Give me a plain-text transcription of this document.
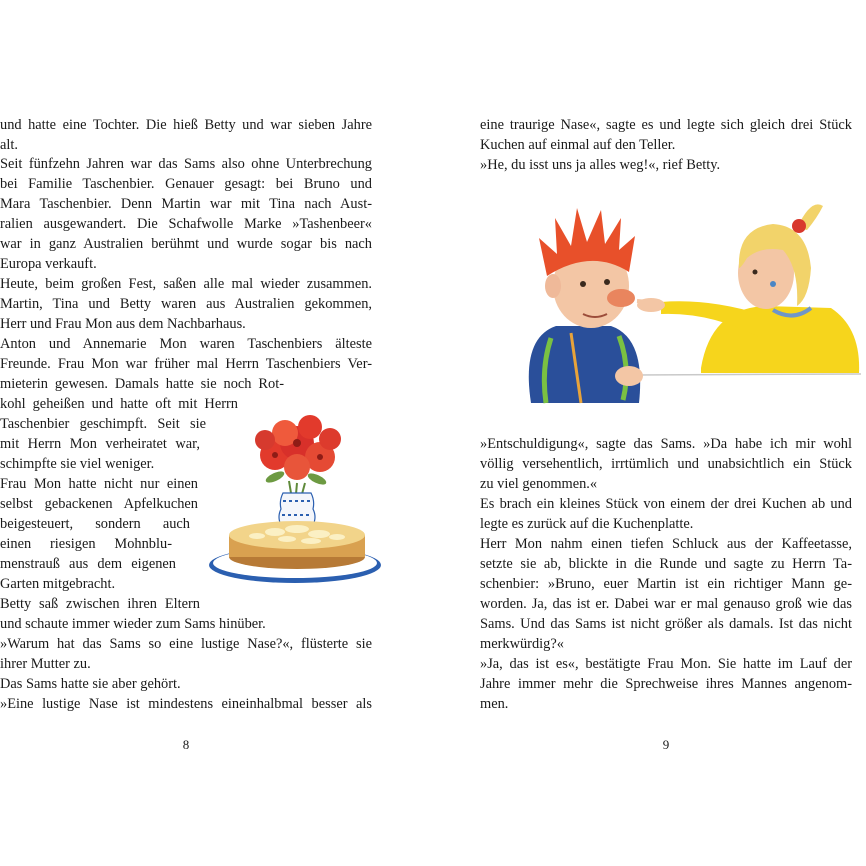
und hatte eine Tochter. Die hieß Betty und war sieben Jahre
alt.
Seit fünfzehn Jahren war das Sams also ohne Unterbrechung
bei Familie Taschenbier. Genauer gesagt: bei Bruno und
Mara Taschenbier. Denn Martin war mit Tina nach Aust-
ralien ausgewandert. Die Schafwolle Marke »Tashenbeer«
war in ganz Australien berühmt und wurde sogar bis nach
Europa verkauft.
Heute, beim großen Fest, saßen alle mal wieder zusammen.
Martin, Tina und Betty waren aus Australien gekommen,
Herr und Frau Mon aus dem Nachbarhaus.
Anton und Annemarie Mon waren Taschenbiers älteste
Freunde. Frau Mon war früher mal Herrn Taschenbiers Ver-
mieterin gewesen. Damals hatte sie noch Rot-
kohl geheißen und hatte oft mit Herrn
Taschenbier geschimpft. Seit sie
mit Herrn Mon verheiratet war,
schimpfte sie viel weniger.
Frau Mon hatte nicht nur einen
selbst gebackenen Apfelkuchen
beigesteuert, sondern auch
einen riesigen Mohnblu-
menstrauß aus dem eigenen
Garten mitgebracht.
Betty saß zwischen ihren Eltern
und schaute immer wieder zum Sams hinüber.
»Warum hat das Sams so eine lustige Nase?«, flüsterte sie
ihrer Mutter zu.
Das Sams hatte sie aber gehört.
»Eine lustige Nase ist mindestens eineinhalbmal besser als
8
eine traurige Nase«, sagte es und legte sich gleich drei Stück
Kuchen auf einmal auf den Teller.
»He, du isst uns ja alles weg!«, rief Betty.
»Entschuldigung«, sagte das Sams. »Da habe ich mir wohl
völlig versehentlich, irrtümlich und unabsichtlich ein Stück
zu viel genommen.«
Es brach ein kleines Stück von einem der drei Kuchen ab und
legte es zurück auf die Kuchenplatte.
Herr Mon nahm einen tiefen Schluck aus der Kaffeetasse,
setzte sie ab, blickte in die Runde und sagte zu Herrn Ta-
schenbier: »Bruno, euer Martin ist ein richtiger Mann ge-
worden. Ja, das ist er. Dabei war er mal genauso groß wie das
Sams. Und das Sams ist nicht größer als damals. Ist das nicht
merkwürdig?«
»Ja, das ist es«, bestätigte Frau Mon. Sie hatte im Lauf der
Jahre immer mehr die Sprechweise ihres Mannes angenom-
men.
9
